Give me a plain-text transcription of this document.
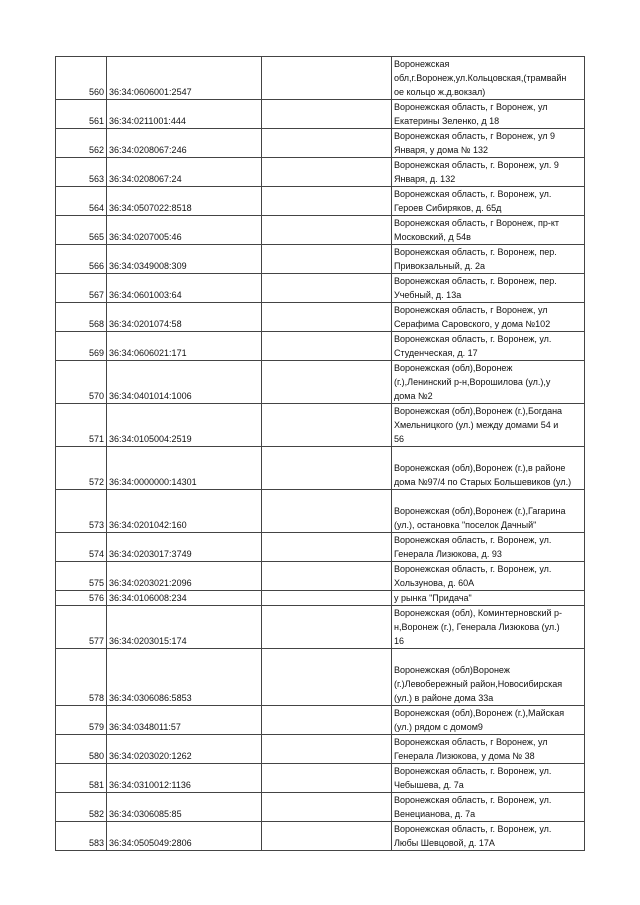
560	36:34:0606001:2547		Воронежская
обл,г.Воронеж,ул.Кольцовская,(трамвайн
ое кольцо ж.д.вокзал)
561	36:34:0211001:444		Воронежская область, г Воронеж, ул
Екатерины Зеленко, д 18
562	36:34:0208067:246		Воронежская область, г Воронеж, ул 9
Января, у дома № 132
563	36:34:0208067:24		Воронежская область, г. Воронеж, ул. 9
Января, д. 132
564	36:34:0507022:8518		Воронежская область, г. Воронеж, ул.
Героев Сибиряков, д. 65д
565	36:34:0207005:46		Воронежская область, г Воронеж, пр-кт
Московский, д 54в
566	36:34:0349008:309		Воронежская область, г. Воронеж, пер.
Привокзальный, д. 2а
567	36:34:0601003:64		Воронежская область, г. Воронеж, пер.
Учебный, д. 13а
568	36:34:0201074:58		Воронежская область, г Воронеж, ул
Серафима Саровского, у дома №102
569	36:34:0606021:171		Воронежская область, г. Воронеж, ул.
Студенческая, д. 17
570	36:34:0401014:1006		Воронежская (обл),Воронеж
(г.),Ленинский р-н,Ворошилова (ул.),у
дома №2
571	36:34:0105004:2519		Воронежская (обл),Воронеж (г.),Богдана
Хмельницкого (ул.) между домами 54 и
56
572	36:34:0000000:14301		Воронежская (обл),Воронеж (г.),в районе
дома №97/4 по Старых Большевиков (ул.)
573	36:34:0201042:160		Воронежская (обл),Воронеж (г.),Гагарина
(ул.), остановка "поселок Дачный"
574	36:34:0203017:3749		Воронежская область, г. Воронеж, ул.
Генерала Лизюкова, д. 93
575	36:34:0203021:2096		Воронежская область, г. Воронеж, ул.
Хользунова, д. 60А
576	36:34:0106008:234		у рынка "Придача"
577	36:34:0203015:174		Воронежская (обл), Коминтерновский р-
н,Воронеж (г.), Генерала Лизюкова (ул.)
16
578	36:34:0306086:5853		Воронежская (обл)Воронеж
(г.)Левобережный район,Новосибирская
(ул.) в районе дома 33а
579	36:34:0348011:57		Воронежская (обл),Воронеж (г.),Майская
(ул.) рядом с домом9
580	36:34:0203020:1262		Воронежская область, г Воронеж, ул
Генерала Лизюкова, у дома № 38
581	36:34:0310012:1136		Воронежская область, г. Воронеж, ул.
Чебышева, д. 7а
582	36:34:0306085:85		Воронежская область, г. Воронеж, ул.
Венецианова, д. 7а
583	36:34:0505049:2806		Воронежская область, г. Воронеж, ул.
Любы Шевцовой, д. 17А
